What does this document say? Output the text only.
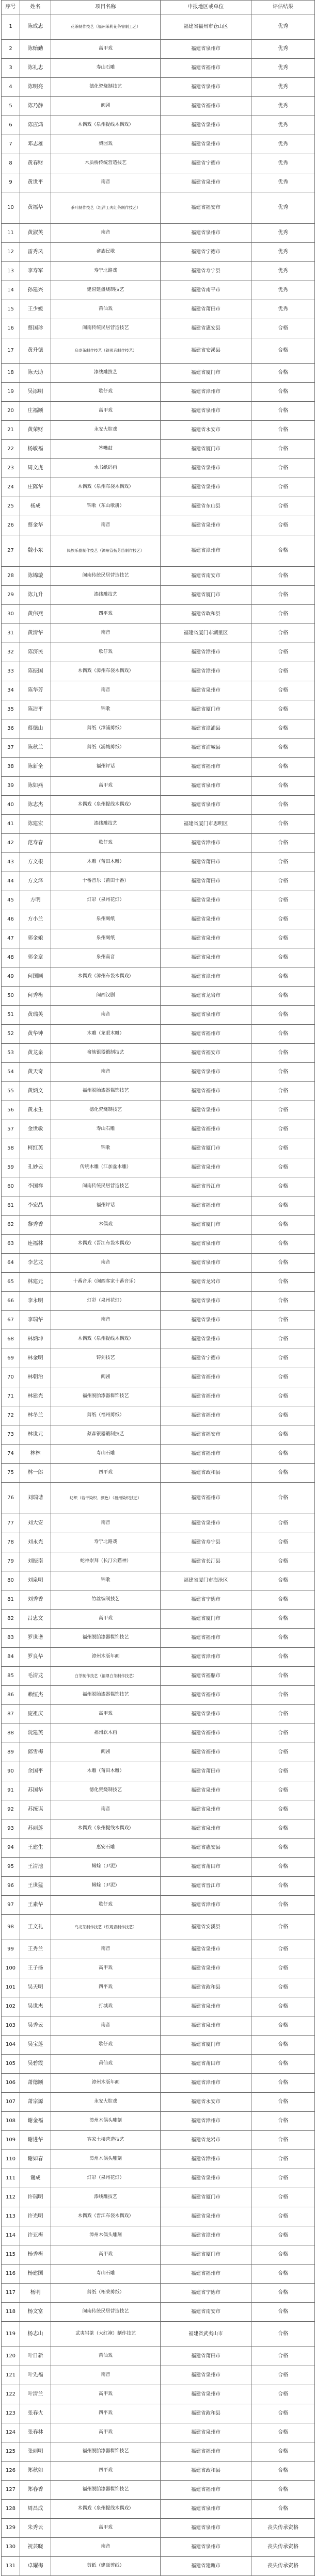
序号	姓名	项目名称	申报地区或单位	评估结果
1	陈成忠	花茶制作技艺（福州茉莉花茶窨制工艺）	福建省福州市仓山区	优秀
2	陈贻勤	高甲戏	福建省泉州市	优秀
3	陈礼忠	寿山石雕	福建省福州市	优秀
4	陈明亮	德化瓷烧制技艺	福建省泉州市	优秀
5	陈乃静	闽剧	福建省福州市	优秀
6	陈应鸿	木偶戏（泉州提线木偶戏）	福建省泉州市	优秀
7	邓志雄	梨园戏	福建省泉州市	优秀
8	黄春财	木质桥传统营造技艺	福建省宁德市	优秀
9	黄世平	南音	福建省泉州市	优秀
10	黄福华	茶叶制作技艺（坦洋工夫红茶制作技艺）	福建省福安市	优秀
11	黄淑英	南音	福建省泉州市	优秀
12	雷秀凤	畲族民歌	福建省宁德市	优秀
13	李寿军	寿宁北路戏	福建省寿宁县	优秀
14	孙建兴	建窑建盏烧制技艺	福建省南平市	优秀
15	王少媛	莆仙戏	福建省莆田市	优秀
16	蔡国珍	闽南传统民居营造技艺	福建省惠安县	合格
17	黄升德	乌龙茶制作技艺（铁观音制作技艺）	福建省安溪县	合格
18	陈天助	漆线雕技艺	福建省厦门市	合格
19	吴添明	歌仔戏	福建省漳州市	合格
20	庄福顺	高甲戏	福建省泉州市	合格
21	黄荣财	永安大腔戏	福建省永安市	合格
22	杨敏福	答嘴鼓	福建省厦门市	合格
23	周文虎	水书纸码画	福建省泉州市	合格
24	庄陈华	木偶戏（泉州布袋木偶戏）	福建省泉州市	合格
25	杨成	锦歌（东山歌册）	福建省东山县	合格
26	蔡金华	南音	福建省泉州市	合格
27	魏小东	民族乐器制作技艺（漳州管扬芳笛制作技艺）	福建省漳州市	合格
28	陈锦璇	闽南传统民居营造技艺	福建省南安市	合格
29	陈九升	漆线雕技艺	福建省厦门市	合格
30	黄伟燕	四平戏	福建省政和县	合格
31	黄清华	南音	福建省厦门市湖里区	合格
32	陈济民	歌仔戏	福建省漳州市	合格
33	陈振国	木偶戏（漳州布袋木偶戏）	福建省漳州市	合格
34	陈华芳	南音	福建省泉州市	合格
35	陈洁平	锦歌	福建省厦门市	合格
36	蔡德山	剪纸（漳浦剪纸）	福建省漳浦县	合格
37	陈秋兰	剪纸（浦城剪纸）	福建省浦城县	合格
38	陈新全	福州评话	福建省福州市	合格
39	陈如燕	高甲戏	福建省泉州市	合格
40	陈志杰	木偶戏（泉州提线木偶戏）	福建省泉州市	合格
41	陈建宏	漆线雕技艺	福建省厦门市思明区	合格
42	范寿春	歌仔戏	福建省漳州市	合格
43	方文根	木雕（莆田木雕）	福建省莆田市	合格
44	方文泽	十番音乐（莆田十番）	福建省莆田市	合格
45	方明	灯彩（泉州花灯）	福建省泉州市	合格
46	方小兰	泉州刻纸	福建省泉州市	合格
47	郭金娘	泉州刻纸	福建省泉州市	合格
48	郭金章	泉州南音	福建省泉州市	合格
49	何国顺	木偶戏（漳州布袋木偶戏）	福建省漳州市	合格
50	何秀梅	闽西汉剧	福建省龙岩市	合格
51	黄瑞英	南音	福建省泉州市	合格
52	黄华钟	木雕（龙眼木雕）	福建省福州市	合格
53	黄龙泉	畲族银器锻制技艺	福建省福安市	合格
54	黄天奇	南音	福建省泉州市	合格
55	黄炳文	福州脱胎漆器髹饰技艺	福建省福州市	合格
56	黄永生	德化瓷烧制技艺	福建省泉州市	合格
57	金世敏	寿山石雕	福建省福州市	合格
58	柯红英	锦歌	福建省厦门市	合格
59	孔妙云	传统木雕（江加盆木雕）	福建省泉州市	合格
60	李国祥	闽南传统民居营造技艺	福建省晋江市	合格
61	李宏晶	福州评话	福建省福州市	合格
62	黎秀香	木偶戏	福建省厦门市	合格
63	连福林	木偶戏（晋江布袋木偶戏）	福建省泉州市	合格
64	李艺龙	南音	福建省泉州市	合格
65	林建元	十番音乐（闽西客家十番音乐）	福建省龙岩市	合格
66	李永明	灯彩（泉州花灯）	福建省泉州市	合格
67	李瑞华	南音	福建省泉州市	合格
68	林炳坤	木偶戏（泉州提线木偶戏）	福建省泉州市	合格
69	林金明	铸剑技艺	福建省宁德市	合格
70	林朝治	闽剧	福建省福州市	合格
71	林建光	福州脱胎漆器髹饰技艺	福建省福州市	合格
72	林冬兰	剪纸（福州剪纸）	福建省福州市	合格
73	林世元	蔡森银器锻制技艺	福建省福安市	合格
74	林林	寿山石雕	福建省福州市	合格
75	林一郎	四平戏	福建省政和县	合格
76	刘瑞谐	纺织（若干染织、颜色）（福州染织技艺）	福建省福州市	合格
77	刘大安	南音	福建省泉州市	合格
78	刘永光	寿宁北路戏	福建省寿宁县	合格
79	刘振南	蛇神崇拜（长汀公猫神）	福建省长汀县	合格
80	刘泉明	锦歌	福建省厦门市海沧区	合格
81	刘秀香	竹丝编制技艺	福建省宁德市	合格
82	吕忠文	高甲戏	福建省厦门市	合格
83	罗世谱	福州脱胎漆器髹饰技艺	福建省福州市	合格
84	罗良华	漳州木版年画	福建省漳州市	合格
85	毛清龙	白茶制作技艺（福鼎白茶制作技艺）	福建省福鼎市	合格
86	赖恒杰	福州脱胎漆器髹饰技艺	福建省福州市	合格
87	庞祖庆	高甲戏	福建省泉州市	合格
88	阮建英	福州软木画	福建省福州市	合格
89	邱雪梅	闽剧	福建省福州市	合格
90	余国平	木雕（莆田木雕）	福建省莆田市	合格
91	苏国华	德化瓷烧制技艺	福建省泉州市	合格
92	苏统谋	南音	福建省泉州市	合格
93	苏丽莲	木偶戏（泉州提线木偶戏）	福建省泉州市	合格
94	王建生	惠安石雕	福建省惠安县	合格
95	王清池	蟳蜍（尹泥）	福建省莆田市	合格
96	王世猛	蟳蜍（尹泥）	福建省晋江市	合格
97	王素华	歌仔戏	福建省漳州市	合格
98	王文礼	乌龙茶制作技艺（铁观音制作技艺）	福建省安溪县	合格
99	王秀兰	南音	福建省泉州市	合格
100	王子扬	高甲戏	福建省泉州市	合格
101	吴天明	四平戏	福建省政和县	合格
102	吴世杰	打城戏	福建省泉州市	合格
103	吴秀云	南音	福建省泉州市	合格
104	吴宝莲	歌仔戏	福建省厦门市	合格
105	吴碧霞	莆仙戏	福建省莆田市	合格
106	萧德顺	漳州木版年画	福建省漳州市	合格
107	萧宗源	永安大腔戏	福建省永安市	合格
108	谢金福	漳州木偶头雕刻	福建省漳州市	合格
109	谢进华	客家土楼营造技艺	福建省龙岩市	合格
110	谢如春	漳州木偶头雕刻	福建省漳州市	合格
111	谢成	灯彩（泉州花灯）	福建省泉州市	合格
112	许瑞明	漆线雕技艺	福建省厦门市	合格
113	许光明	木偶戏（晋江布袋木偶戏）	福建省泉州市	合格
114	许亚梅	漳州木偶头雕刻	福建省漳州市	合格
115	杨秀梅	高甲戏	福建省厦门市	合格
116	杨建国	寿山石雕	福建省福州市	合格
117	杨明	剪纸（柘荣剪纸）	福建省宁德市	合格
118	杨文富	闽南传统民居营造技艺	福建省南安市	合格
119	杨志山	武夷岩茶（大红袍）制作技艺	福建省武夷山市	合格
120	叶日新	莆仙戏	福建省莆田市	合格
121	叶先福	南音	福建省泉州市	合格
122	叶清兰	高甲戏	福建省泉州市	合格
123	张春火	四平戏	福建省政和县	合格
124	张春林	高甲戏	福建省泉州市	合格
125	张丽明	福州脱胎漆器髹饰技艺	福建省福州市	合格
126	郑秋如	四平戏	福建省政和县	合格
127	郑春香	福州脱胎漆器髹饰技艺	福建省福州市	合格
128	周昌成	木偶戏（泉州提线木偶戏）	福建省泉州市	合格
129	朱秀云	高甲戏	福建省泉州市	丧失传承资格
130	祝芸晓	南音	福建省泉州市	丧失传承资格
131	卓耀梅	剪纸（建瓯剪纸）	福建省建瓯市	丧失传承资格
